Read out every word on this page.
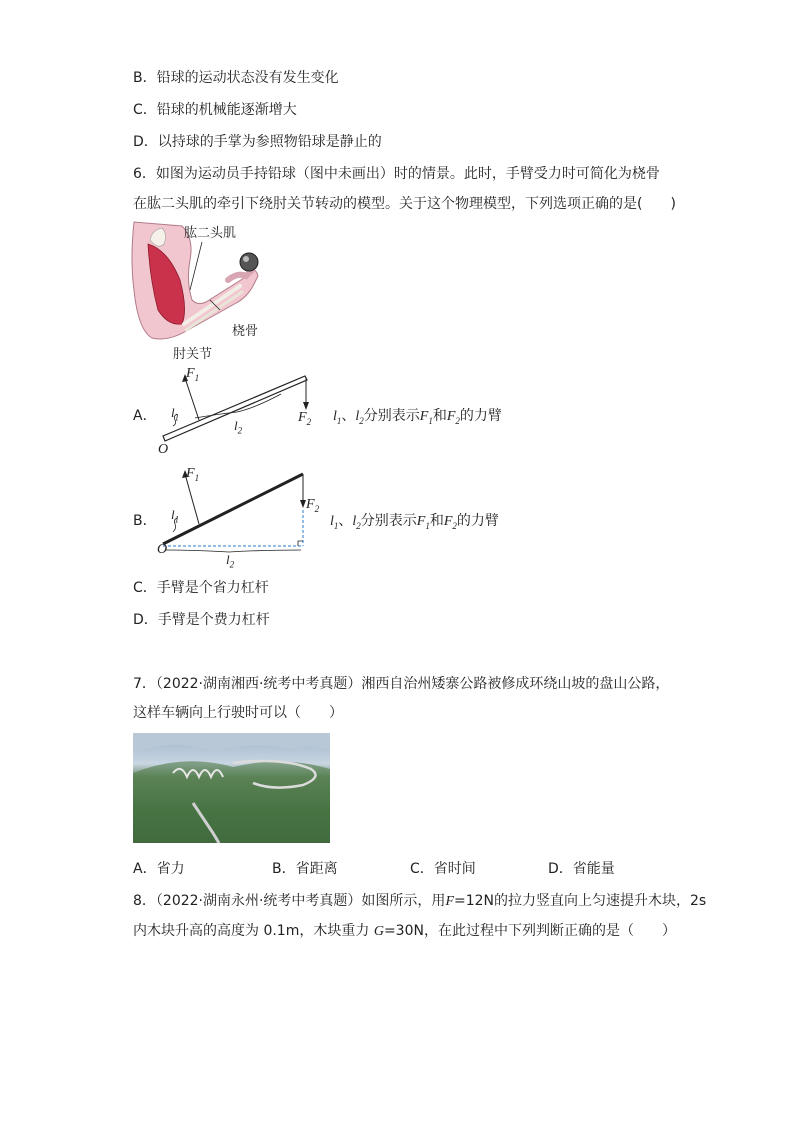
B．铅球的运动状态没有发生变化
C．铅球的机械能逐渐增大
D．以持球的手掌为参照物铅球是静止的
6．如图为运动员手持铅球（图中未画出）时的情景。此时，手臂受力时可简化为桡骨
在肱二头肌的牵引下绕肘关节转动的模型。关于这个物理模型，下列选项正确的是(　　)
肱二头肌
桡骨
肘关节
A．
$F_1$
$l_1$
$l_2$
O
$F_2$ $l_1$、$l_2$分别表示$F_1$和$F_2$的力臂
B．
$F_1$
$l_1$
$l_2$
O
$F_2$
$l_1$、$l_2$分别表示$F_1$和$F_2$的力臂
C．手臂是个省力杠杆
D．手臂是个费力杠杆
7．（2022·湖南湘西·统考中考真题）湘西自治州矮寨公路被修成环绕山坡的盘山公路，
这样车辆向上行驶时可以（　　）
A．省力	B．省距离	C．省时间	D．省能量
8．（2022·湖南永州·统考中考真题）如图所示，用F=12N的拉力竖直向上匀速提升木块，2s
内木块升高的高度为 0.1m，木块重力 G=30N，在此过程中下列判断正确的是（　　）
